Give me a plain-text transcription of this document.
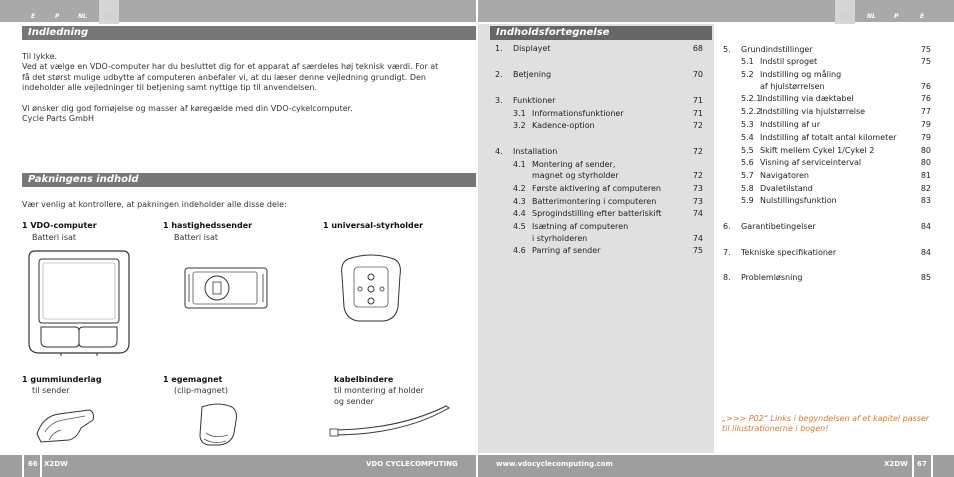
E	P	NL	DK	DK	NL	P	E
Indledning
Til lykke.
Ved at vælge en VDO-computer har du besluttet dig for et apparat af særdeles høj teknisk værdi. For at
få det størst mulige udbytte af computeren anbefaler vi, at du læser denne vejledning grundigt. Den
indeholder alle vejledninger til betjening samt nyttige tip til anvendelsen.
Vi ønsker dig god fornøjelse og masser af køregælde med din VDO-cykelcomputer.
Cycle Parts GmbH
Pakningens indhold
Vær venlig at kontrollere, at pakningen indeholder alle disse dele:
1 VDO-computer
Batteri isat
1 hastighedssender
Batteri isat
1 universal-styrholder
1 gummiunderlag
til sender
1 egemagnet
(clip-magnet)
kabelbindere
til montering af holder
og sender
Indholdsfortegnelse
1. Displayet	68
2. Betjening	70
3. Funktioner	71
3.1 Informationsfunktioner	71
3.2 Kadence-option	72
4. Installation	72
4.1 Montering af sender,
magnet og styrholder	72
4.2 Første aktivering af computeren	73
4.3 Batterimontering i computeren	73
4.4 Sprogindstilling efter batteriskift	74
4.5 Isætning af computeren
i styrholderen	74
4.6 Parring af sender	75
5. Grundindstillinger	75
5.1 Indstil sproget	75
5.2 Indstilling og måling
af hjulstørrelsen	76
5.2.1
Indstilling via dæktabel	76
5.2.2
Indstilling via hjulstørrelse	77
5.3 Indstilling af ur	79
5.4 Indstilling af totalt antal kilometer	79
5.5 Skift mellem Cykel 1/Cykel 2	80
5.6 Visning af serviceinterval	80
5.7 Navigatoren	81
5.8 Dvaletilstand	82
5.9 Nulstillingsfunktion	83
6. Garantibetingelser	84
7. Tekniske specifikationer	84
8. Problemløsning	85
„>>> P02“ Links i begyndelsen af et kapitel passer
til illustrationerne i bogen!
66 X2DW	VDO CYCLECOMPUTING	www.vdocyclecomputing.com	X2DW 67
